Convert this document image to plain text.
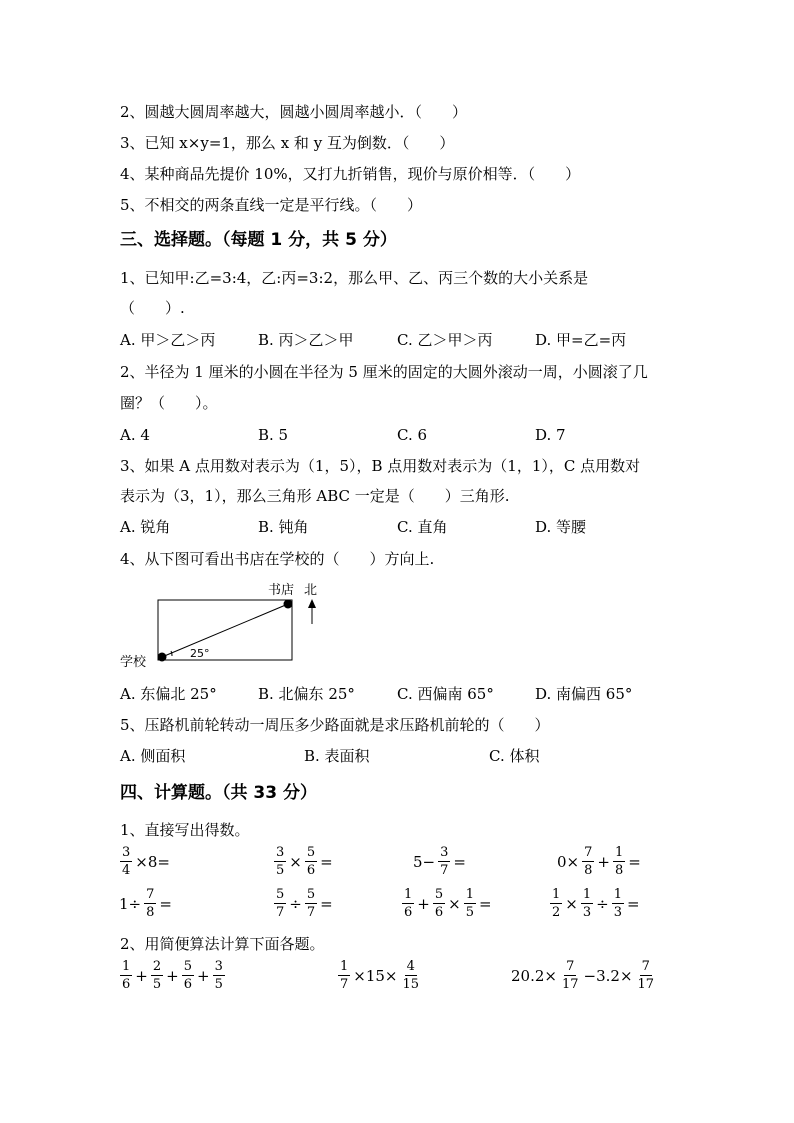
2、圆越大圆周率越大，圆越小圆周率越小．（　　）
3、已知 x×y=1，那么 x 和 y 互为倒数．（　　）
4、某种商品先提价 10%，又打九折销售，现价与原价相等．（　　）
5、不相交的两条直线一定是平行线。（　　）
三、选择题。（每题 1 分，共 5 分）
1、已知甲:乙=3:4，乙:丙=3:2，那么甲、乙、丙三个数的大小关系是
（　　）.
A. 甲＞乙＞丙	B. 丙＞乙＞甲	C. 乙＞甲＞丙	D. 甲=乙=丙
2、半径为 1 厘米的小圆在半径为 5 厘米的固定的大圆外滚动一周，小圆滚了几
圈？（　　）。
A. 4	B. 5	C. 6	D. 7
3、如果 A 点用数对表示为（1，5），B 点用数对表示为（1，1），C 点用数对
表示为（3，1），那么三角形 ABC 一定是（　　）三角形.
A. 锐角	B. 钝角	C. 直角	D. 等腰
4、从下图可看出书店在学校的（　　）方向上.
25°
书店 北
学校
A. 东偏北 25°	B. 北偏东 25°	C. 西偏南 65°	D. 南偏西 65°
5、压路机前轮转动一周压多少路面就是求压路机前轮的（　　）
A. 侧面积	B. 表面积	C. 体积
四、计算题。（共 33 分）
1、直接写出得数。
$\frac{3}{4} \times 8=$	$\frac{3}{5} \times \frac{5}{6}$ =	$5- \frac{3}{7}$ =	$0\times \frac{7}{8} + \frac{1}{8}$ =
$1\div \frac{7}{8}$ =	$\frac{5}{7} \div \frac{5}{7}$ =	$\frac{1}{6} + \frac{5}{6} \times \frac{1}{5}$ =	$\frac{1}{2} \times \frac{1}{3} \div \frac{1}{3}$ =
2、用简便算法计算下面各题。
$\frac{1}{6} + \frac{2}{5} + \frac{5}{6} + \frac{3}{5}$	$\frac{1}{7} \times 15\times \frac{4}{15}$	$20.2\times \frac{7}{17} -3.2\times \frac{7}{17}$
